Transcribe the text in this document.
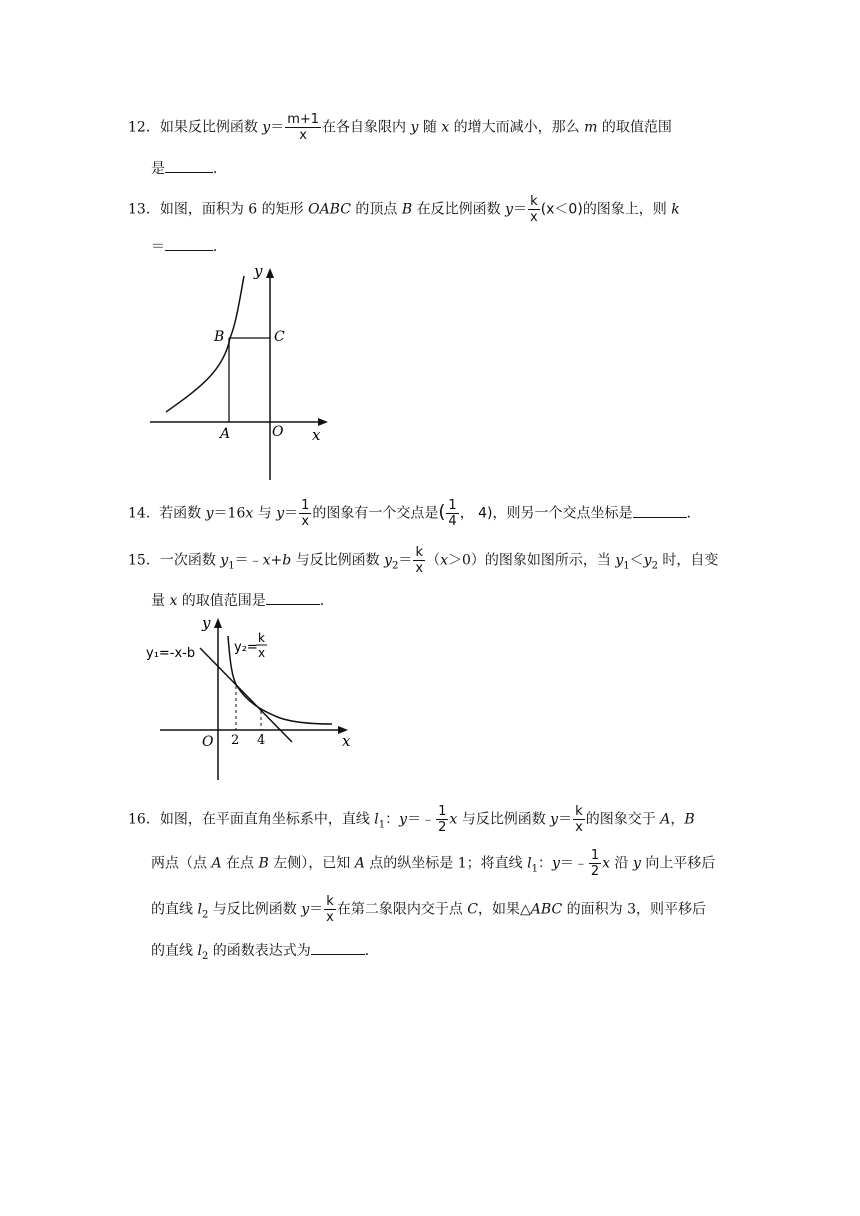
12．如果反比例函数 $y= \frac{m+1}{x}$ 在各自象限内 y 随 x 的增大而减小，那么 m 的取值范围
是	．
13．如图，面积为 6 的矩形 OABC 的顶点 B 在反比例函数 $y= \frac{k}{x} (x<0)$的图象上，则 k
＝	．
y
B	C
A	O x
14. 若函数 y＝16x 与 $y= \frac{1}{x}$ 的图象有一个交点是( $\frac{1}{4}$ ， 4)，则另一个交点坐标是	.
15．一次函数 $y_1=﹣x+b$ 与反比例函数 $y_2= \frac{k}{x} (x>0)$的图象如图所示，当 $y_1<y_2$ 时，自变
量 x 的取值范围是	．
y
y₁=-x-b	y₂=
k
x
O 2 4	x
16．如图，在平面直角坐标系中，直线 $l_1$：y＝﹣ $\frac{1}{2}$ x 与反比例函数 $y= \frac{k}{x}$ 的图象交于 A，B
两点（点 A 在点 B 左侧），已知 A 点的纵坐标是 1；将直线 $l_1$：y＝﹣ $\frac{1}{2}$ x 沿 y 向上平移后
的直线 $l_2$ 与反比例函数 $y= \frac{k}{x}$ 在第二象限内交于点 C，如果△ABC 的面积为 3，则平移后
的直线 $l_2$ 的函数表达式为	．
